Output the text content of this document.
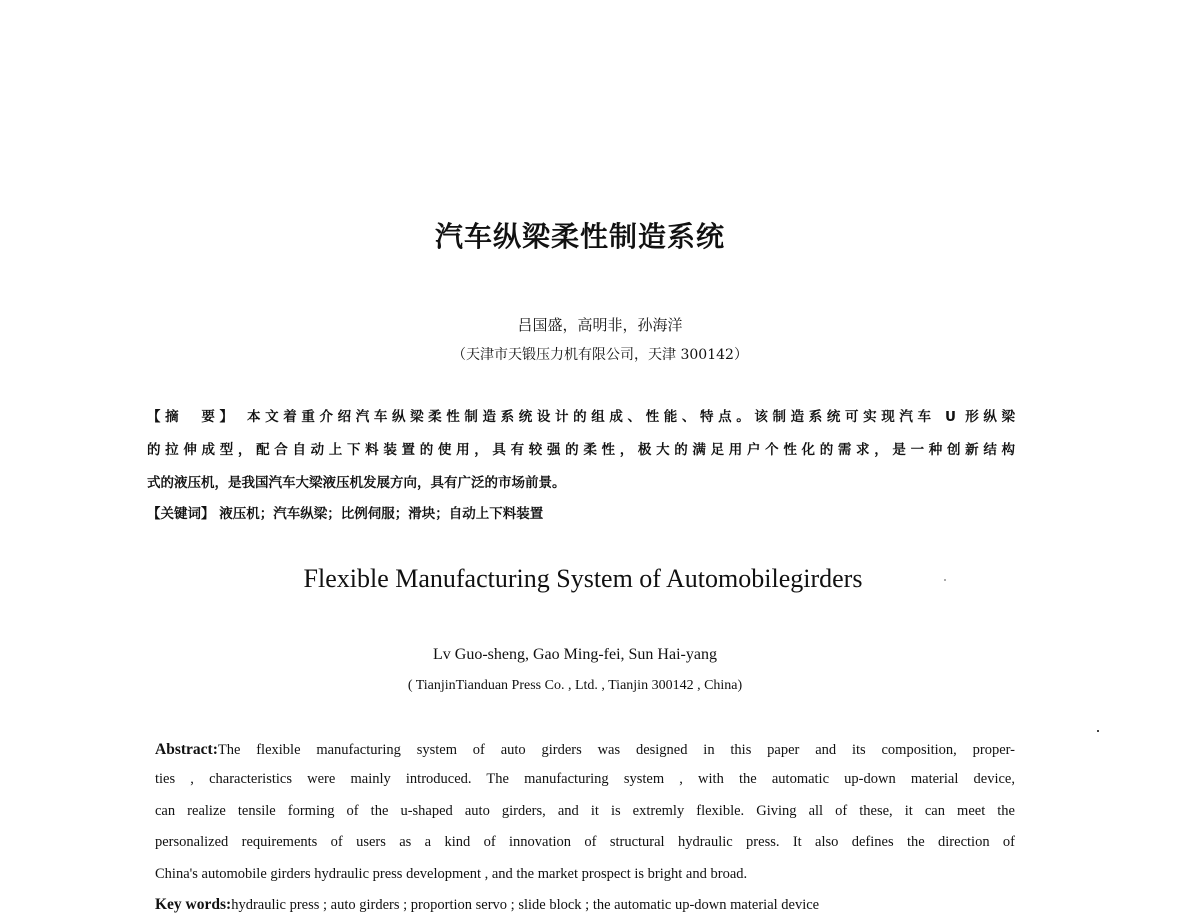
汽车纵梁柔性制造系统
吕国盛，高明非，孙海洋
（天津市天锻压力机有限公司，天津 300142）
【摘　要】 本文着重介绍汽车纵梁柔性制造系统设计的组成、性能、特点。该制造系统可实现汽车 U 形纵梁
的拉伸成型，配合自动上下料装置的使用，具有较强的柔性，极大的满足用户个性化的需求，是一种创新结构
式的液压机，是我国汽车大梁液压机发展方向，具有广泛的市场前景。
【关键词】 液压机；汽车纵梁；比例伺服；滑块；自动上下料装置
Flexible Manufacturing System of Automobilegirders
Lv Guo-sheng, Gao Ming-fei, Sun Hai-yang
( TianjinTianduan Press Co. , Ltd. , Tianjin 300142 , China)
Abstract:The flexible manufacturing system of auto girders was designed in this paper and its composition, proper-
ties , characteristics were mainly introduced. The manufacturing system , with the automatic up-down material device,
can realize tensile forming of the u-shaped auto girders, and it is extremly flexible. Giving all of these, it can meet the
personalized requirements of users as a kind of innovation of structural hydraulic press. It also defines the direction of
China's automobile girders hydraulic press development , and the market prospect is bright and broad.
Key words:hydraulic press ; auto girders ; proportion servo ; slide block ; the automatic up-down material device
